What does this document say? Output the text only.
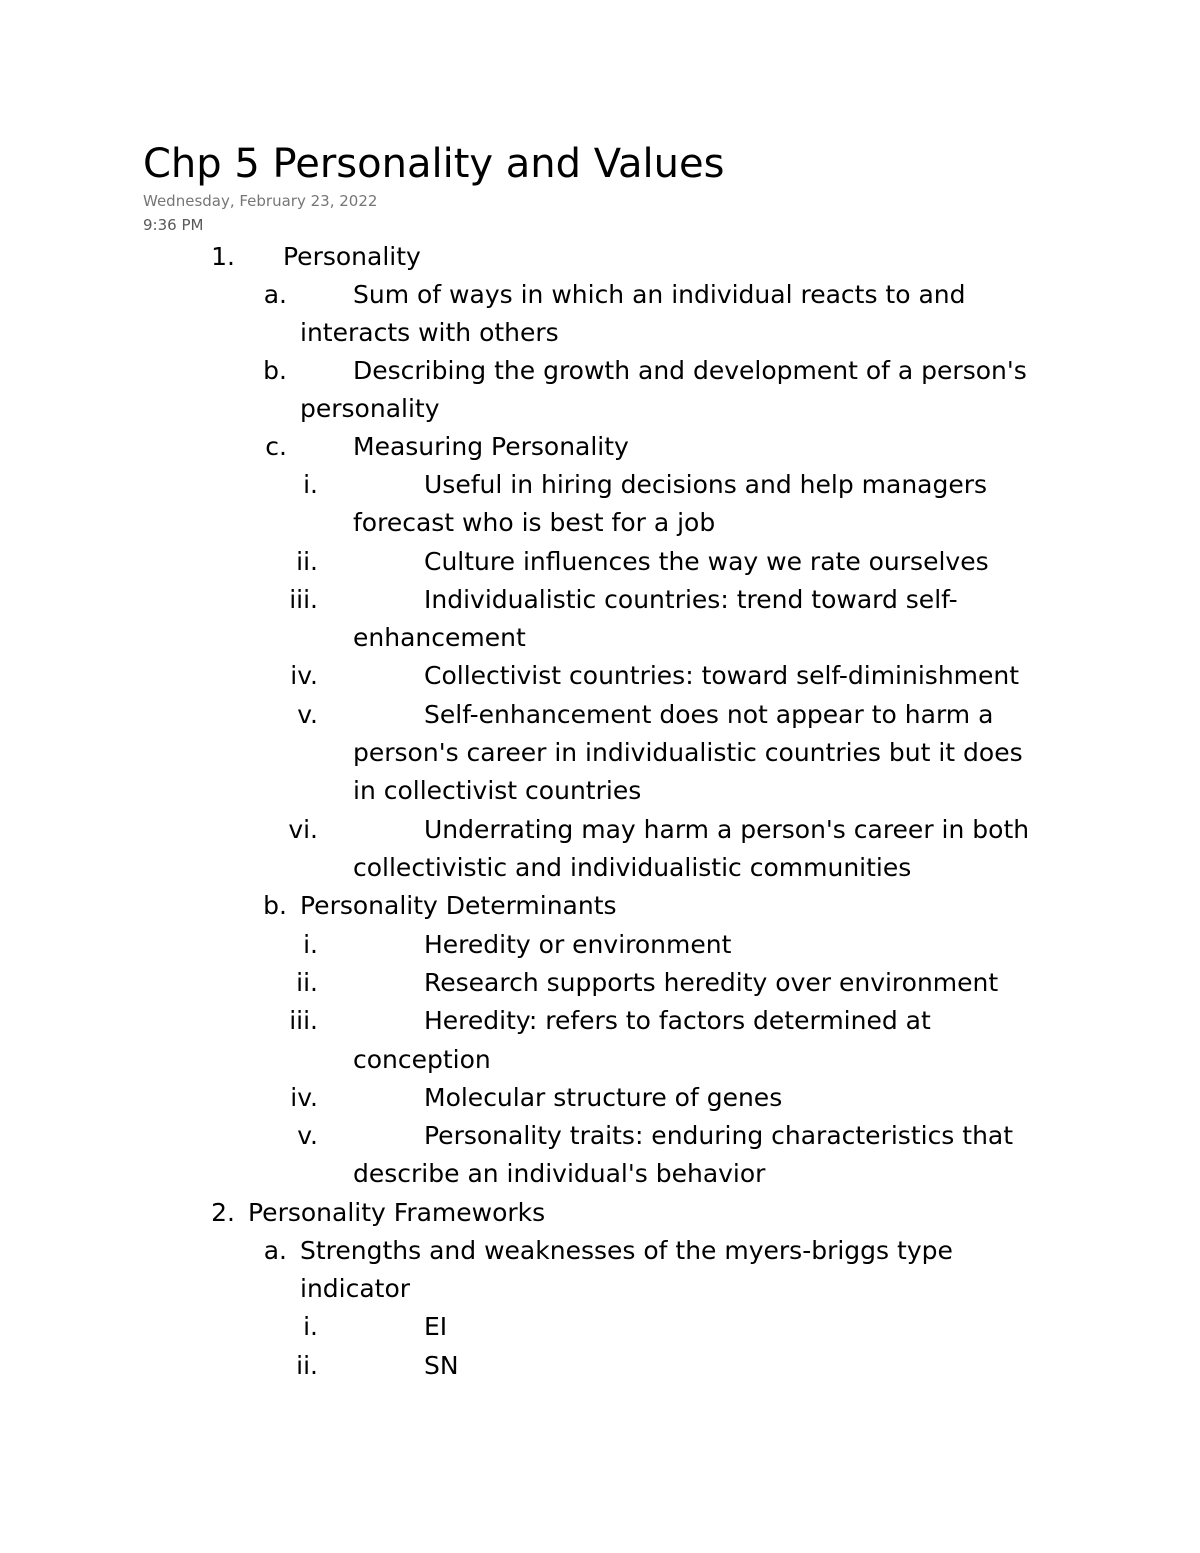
Chp 5 Personality and Values
Wednesday, February 23, 2022
9:36 PM
1. Personality
a.	Sum of ways in which an individual reacts to and
interacts with others
b.	Describing the growth and development of a person's
personality
c.	Measuring Personality
i.	Useful in hiring decisions and help managers
forecast who is best for a job
ii.	Culture influences the way we rate ourselves
iii.	Individualistic countries: trend toward self-
enhancement
iv.	Collectivist countries: toward self-diminishment
v.	Self-enhancement does not appear to harm a
person's career in individualistic countries but it does
in collectivist countries
vi.	Underrating may harm a person's career in both
collectivistic and individualistic communities
b. Personality Determinants
i.	Heredity or environment
ii.	Research supports heredity over environment
iii.	Heredity: refers to factors determined at
conception
iv.	Molecular structure of genes
v.	Personality traits: enduring characteristics that
describe an individual's behavior
2. Personality Frameworks
a. Strengths and weaknesses of the myers-briggs type
indicator
i.	EI
ii.	SN
